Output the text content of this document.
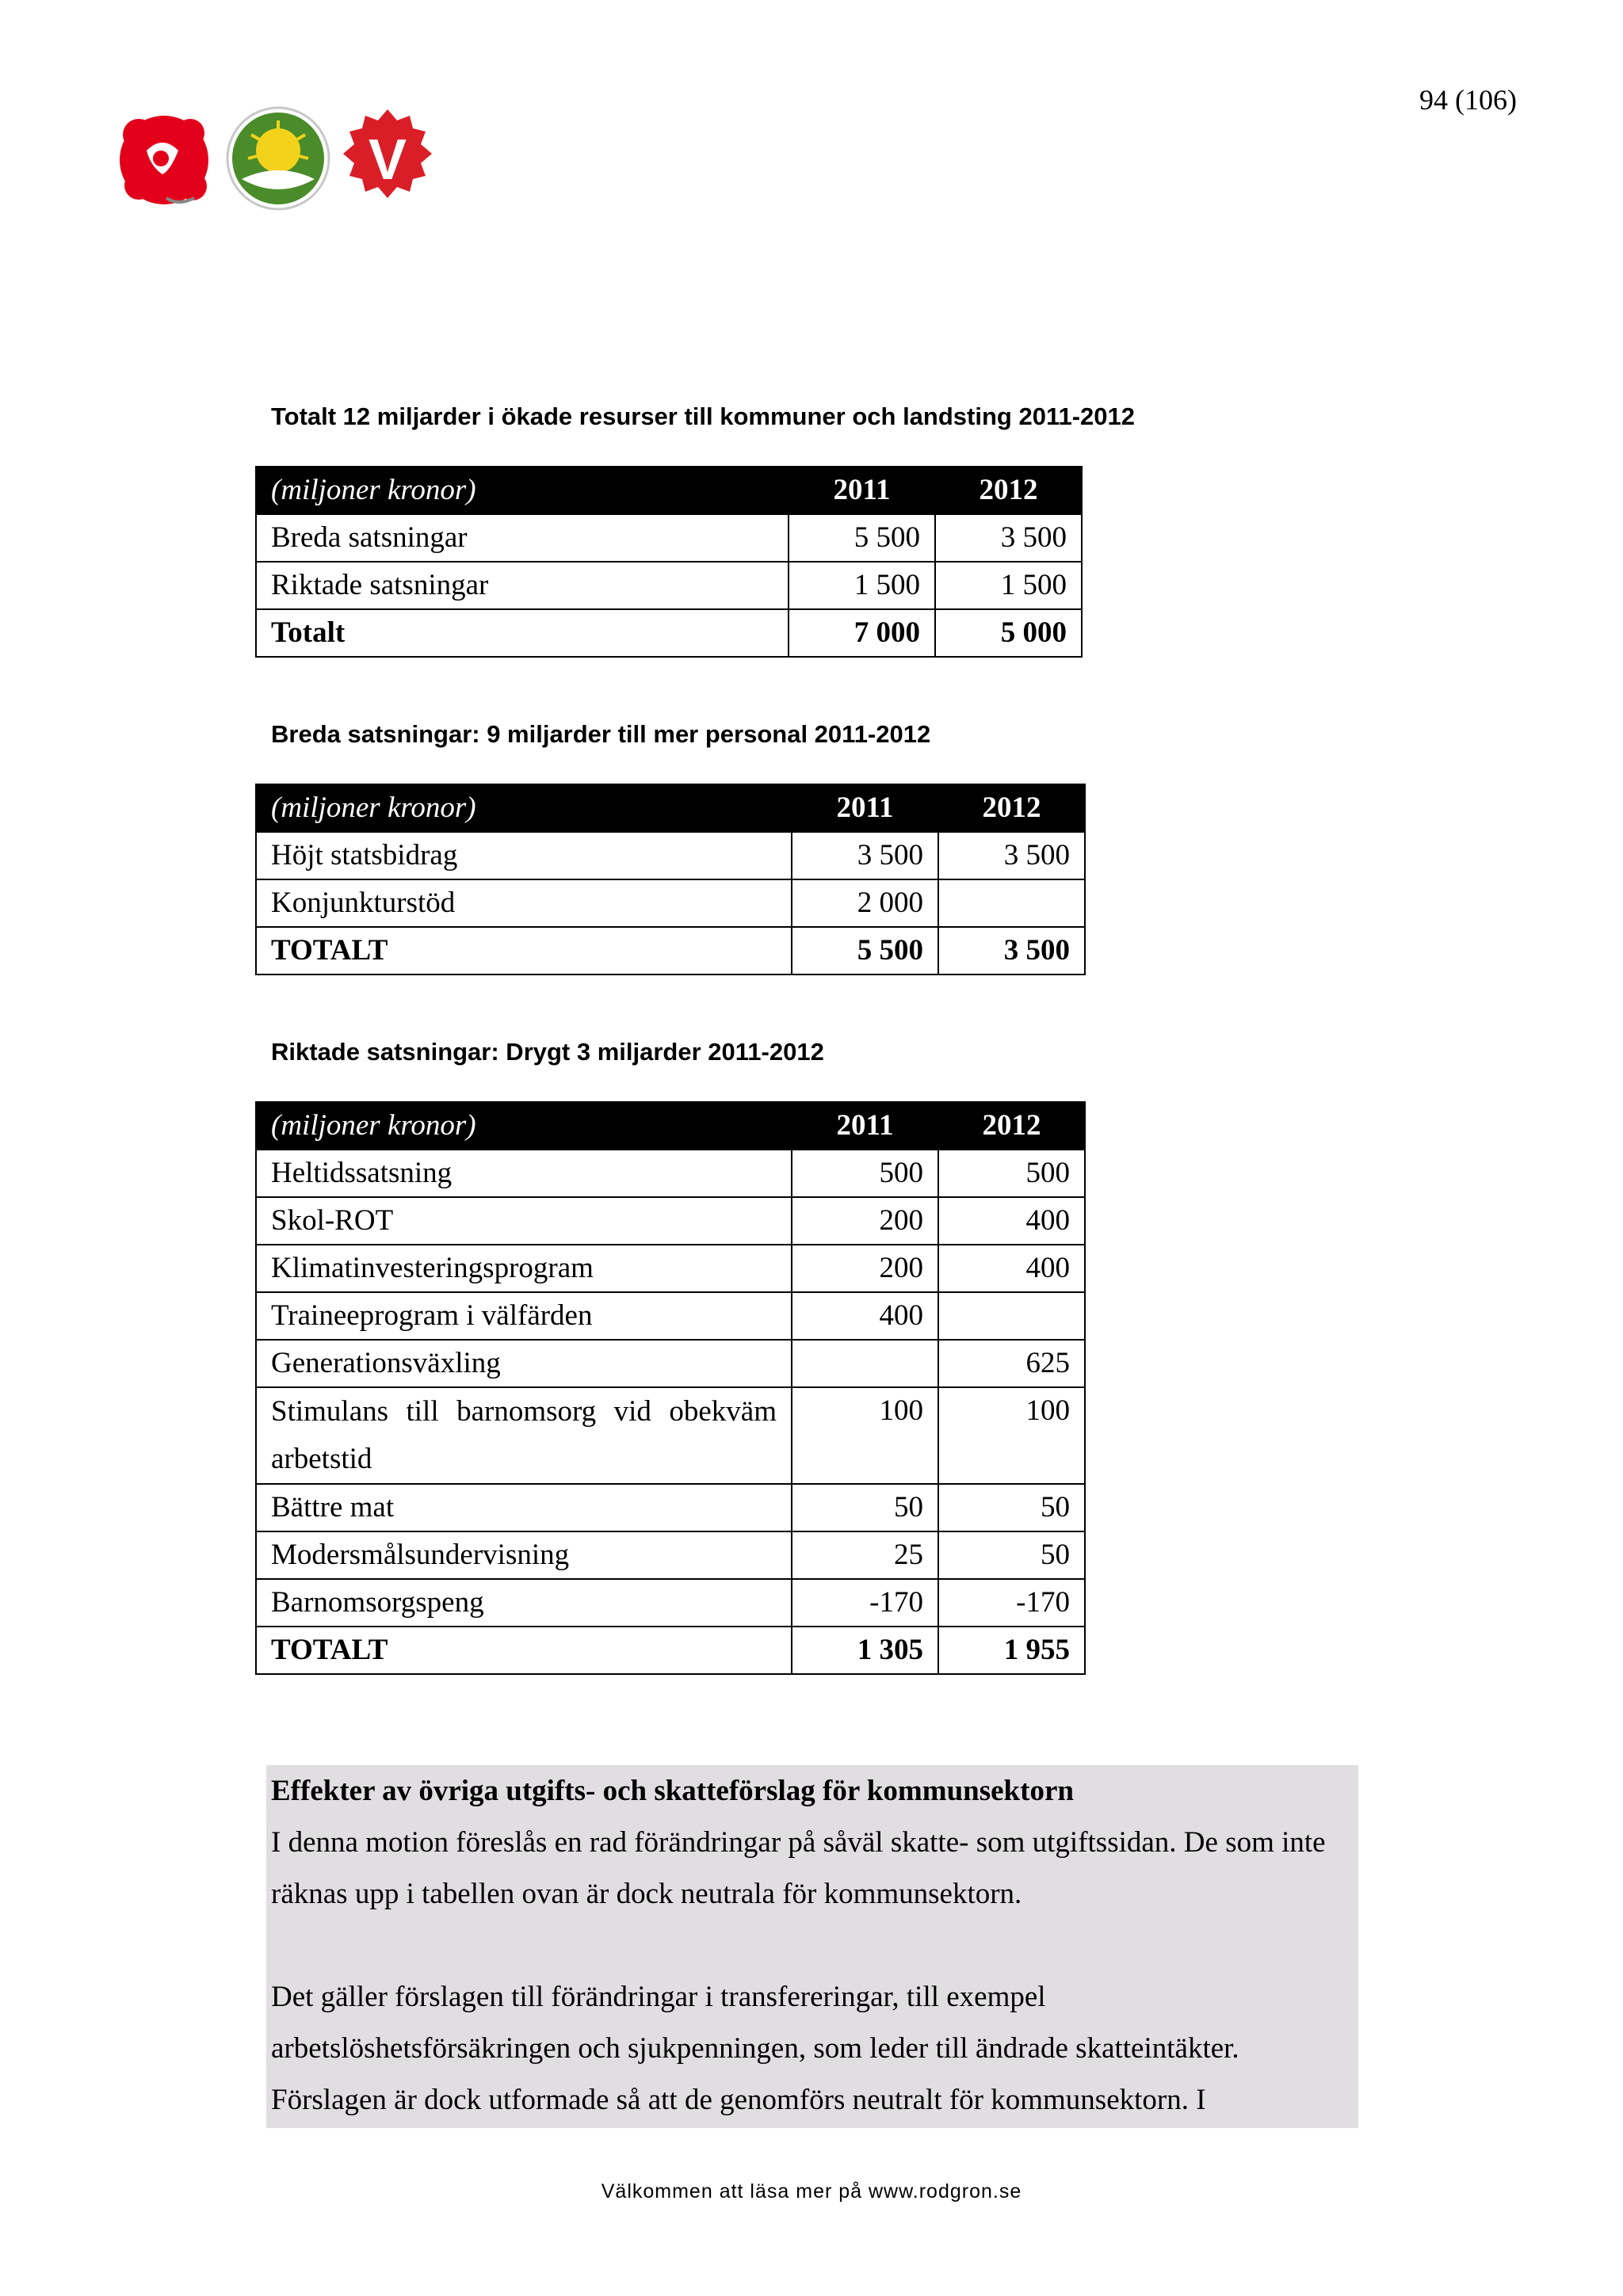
94 (106)
V
Totalt 12 miljarder i ökade resurser till kommuner och landsting 2011-2012
(miljoner kronor)	2011	2012
Breda satsningar	5 500	3 500
Riktade satsningar	1 500	1 500
Totalt	7 000	5 000
Breda satsningar: 9 miljarder till mer personal 2011-2012
(miljoner kronor)	2011	2012
Höjt statsbidrag	3 500	3 500
Konjunkturstöd	2 000	
TOTALT	5 500	3 500
Riktade satsningar: Drygt 3 miljarder 2011-2012
(miljoner kronor)	2011	2012
Heltidssatsning	500	500
Skol-ROT	200	400
Klimatinvesteringsprogram	200	400
Traineeprogram i välfärden	400	
Generationsväxling		625
Stimulans till barnomsorg vid obekväm arbetstid	100	100
Bättre mat	50	50
Modersmålsundervisning	25	50
Barnomsorgspeng	-170	-170
TOTALT	1 305	1 955

Effekter av övriga utgifts- och skatteförslag för kommunsektorn

I denna motion föreslås en rad förändringar på såväl skatte- som utgiftssidan. De som inte

räknas upp i tabellen ovan är dock neutrala för kommunsektorn.

Det gäller förslagen till förändringar i transfereringar, till exempel

arbetslöshetsförsäkringen och sjukpenningen, som leder till ändrade skatteintäkter.

Förslagen är dock utformade så att de genomförs neutralt för kommunsektorn. I

Välkommen att läsa mer på www.rodgron.se
